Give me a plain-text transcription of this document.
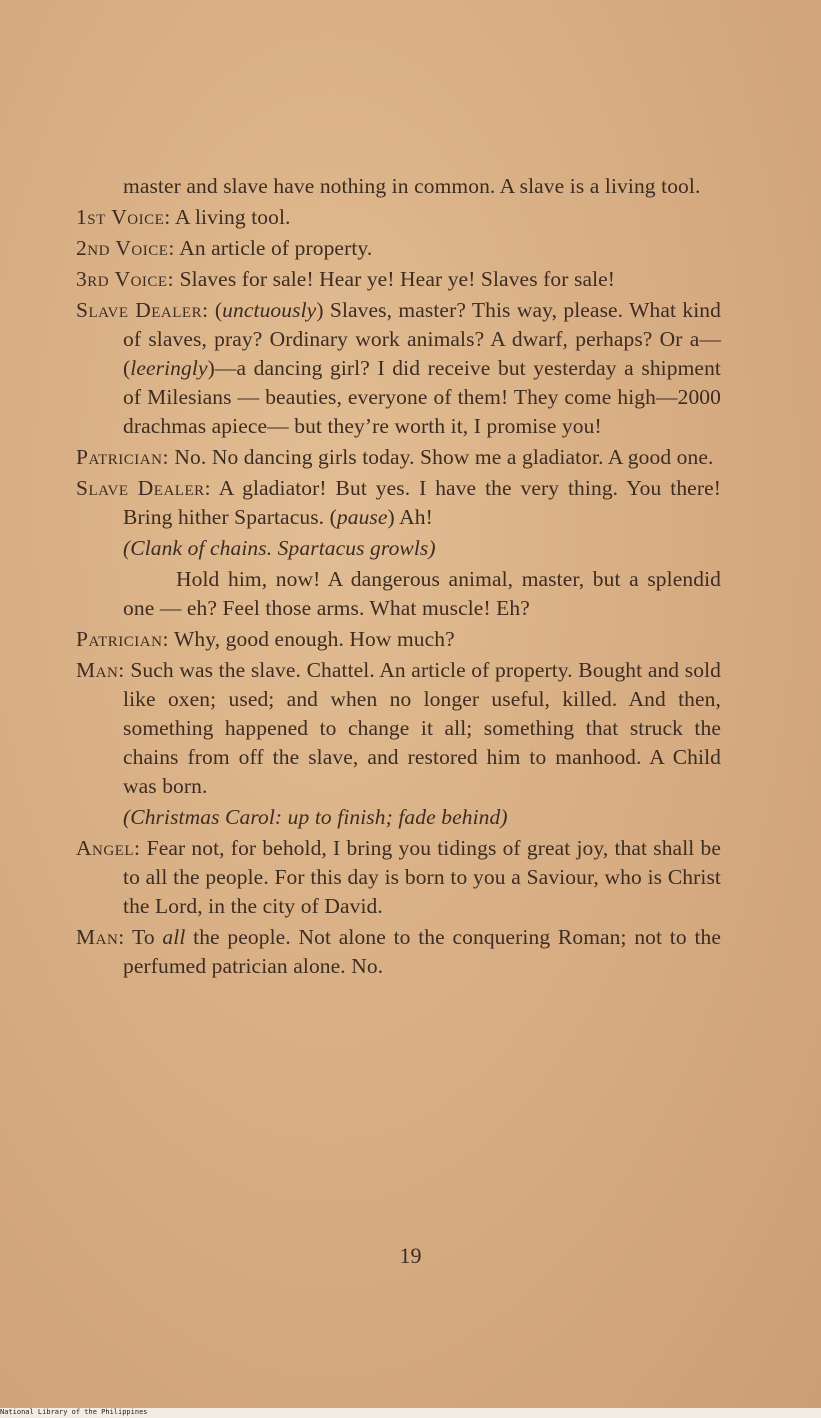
master and slave have nothing in common. A slave is a living tool.

1st Voice: A living tool.

2nd Voice: An article of property.

3rd Voice: Slaves for sale! Hear ye! Hear ye! Slaves for sale!

Slave Dealer: (unctuously) Slaves, master? This way, please. What kind of slaves, pray? Ordinary work animals? A dwarf, perhaps? Or a—(leeringly)—a dancing girl? I did receive but yesterday a shipment of Milesians — beauties, everyone of them! They come high—2000 drachmas apiece— but they’re worth it, I promise you!

Patrician: No. No dancing girls today. Show me a gladiator. A good one.

Slave Dealer: A gladiator! But yes. I have the very thing. You there! Bring hither Spartacus. (pause) Ah!

(Clank of chains. Spartacus growls)

Hold him, now! A dangerous animal, master, but a splendid one — eh? Feel those arms. What muscle! Eh?

Patrician: Why, good enough. How much?

Man: Such was the slave. Chattel. An article of property. Bought and sold like oxen; used; and when no longer useful, killed. And then, something happened to change it all; something that struck the chains from off the slave, and restored him to manhood. A Child was born.

(Christmas Carol: up to finish; fade behind)

Angel: Fear not, for behold, I bring you tidings of great joy, that shall be to all the people. For this day is born to you a Saviour, who is Christ the Lord, in the city of David.

Man: To all the people. Not alone to the conquering Roman; not to the perfumed patrician alone. No.

19
National Library of the Philippines
